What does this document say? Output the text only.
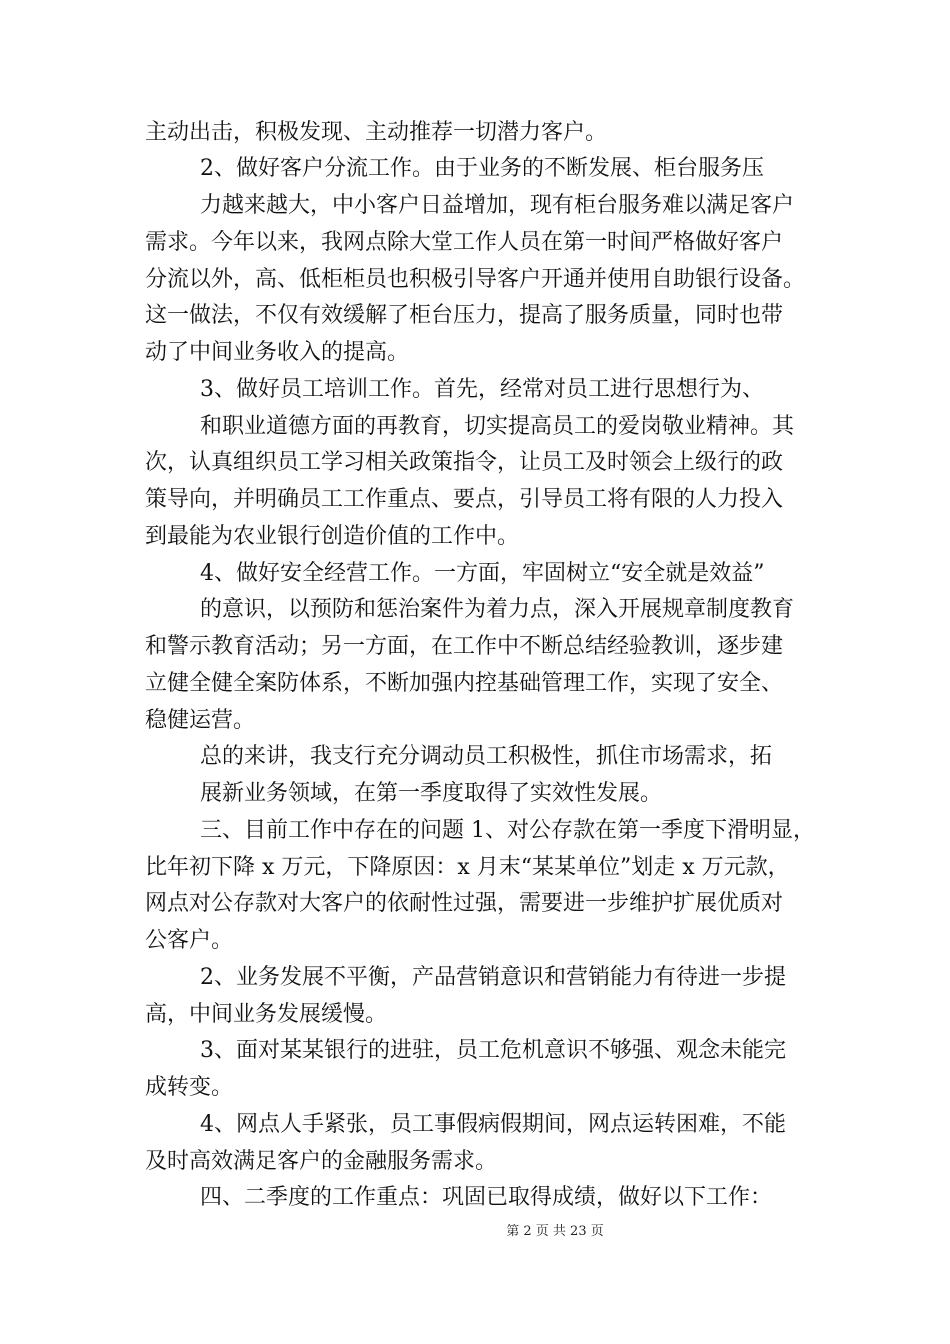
主动出击，积极发现、主动推荐一切潜力客户。
2、做好客户分流工作。由于业务的不断发展、柜台服务压
力越来越大，中小客户日益增加，现有柜台服务难以满足客户
需求。今年以来，我网点除大堂工作人员在第一时间严格做好客户
分流以外，高、低柜柜员也积极引导客户开通并使用自助银行设备。
这一做法，不仅有效缓解了柜台压力，提高了服务质量，同时也带
动了中间业务收入的提高。
3、做好员工培训工作。首先，经常对员工进行思想行为、
和职业道德方面的再教育，切实提高员工的爱岗敬业精神。其
次，认真组织员工学习相关政策指令，让员工及时领会上级行的政
策导向，并明确员工工作重点、要点，引导员工将有限的人力投入
到最能为农业银行创造价值的工作中。
4、做好安全经营工作。一方面，牢固树立“安全就是效益”
的意识，以预防和惩治案件为着力点，深入开展规章制度教育
和警示教育活动；另一方面，在工作中不断总结经验教训，逐步建
立健全健全案防体系，不断加强内控基础管理工作，实现了安全、
稳健运营。
总的来讲，我支行充分调动员工积极性，抓住市场需求，拓
展新业务领域，在第一季度取得了实效性发展。
三、目前工作中存在的问题 1、对公存款在第一季度下滑明显，
比年初下降 x 万元，下降原因：x 月末“某某单位”划走 x 万元款，
网点对公存款对大客户的依耐性过强，需要进一步维护扩展优质对
公客户。
2、业务发展不平衡，产品营销意识和营销能力有待进一步提
高，中间业务发展缓慢。
3、面对某某银行的进驻，员工危机意识不够强、观念未能完
成转变。
4、网点人手紧张，员工事假病假期间，网点运转困难，不能
及时高效满足客户的金融服务需求。
四、二季度的工作重点：巩固已取得成绩，做好以下工作：
第 2 页 共 23 页
